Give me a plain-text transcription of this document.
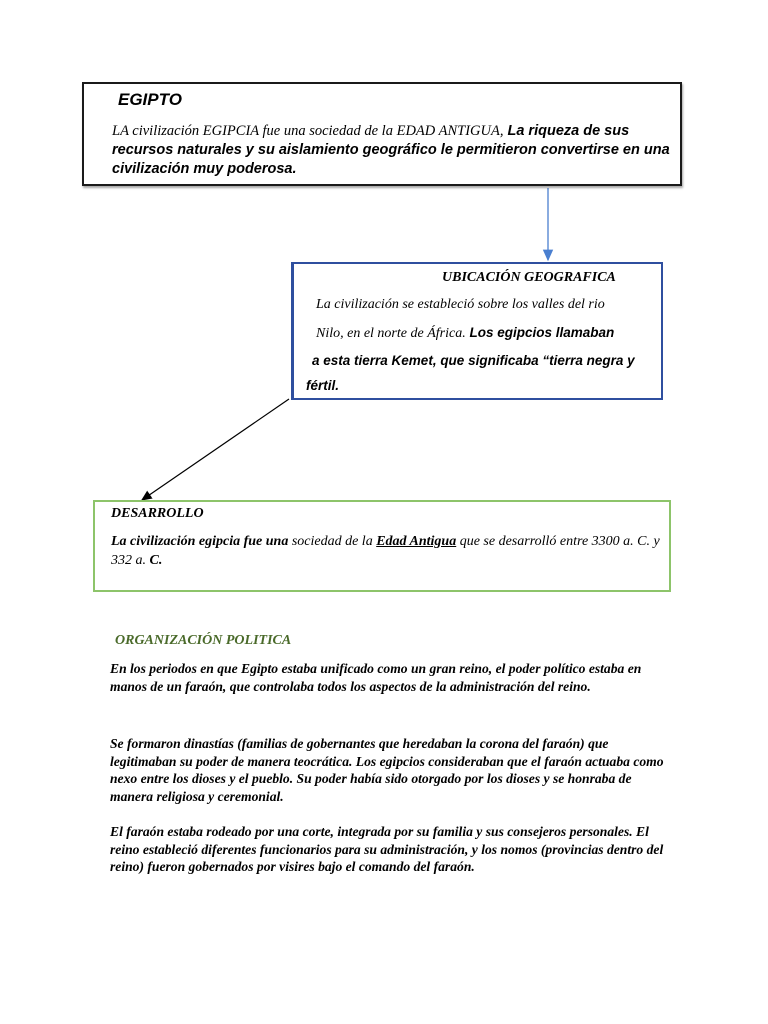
EGIPTO
LA civilización EGIPCIA fue una sociedad de la EDAD ANTIGUA, La riqueza de sus recursos naturales y su aislamiento geográfico le permitieron convertirse en una civilización muy poderosa.
UBICACIÓN GEOGRAFICA
La civilización se estableció sobre los valles del rio
Nilo, en el norte de África. Los egipcios llamaban
a esta tierra Kemet, que significaba “tierra negra y
fértil.
DESARROLLO
La civilización egipcia fue una sociedad de la Edad Antigua que se desarrolló entre 3300 a. C. y 332 a. C.
ORGANIZACIÓN POLITICA
En los periodos en que Egipto estaba unificado como un gran reino, el poder político estaba en manos de un faraón, que controlaba todos los aspectos de la administración del reino.
Se formaron dinastías (familias de gobernantes que heredaban la corona del faraón) que legitimaban su poder de manera teocrática. Los egipcios consideraban que el faraón actuaba como nexo entre los dioses y el pueblo. Su poder había sido otorgado por los dioses y se honraba de manera religiosa y ceremonial.
El faraón estaba rodeado por una corte, integrada por su familia y sus consejeros personales. El reino estableció diferentes funcionarios para su administración, y los nomos (provincias dentro del reino) fueron gobernados por visires bajo el comando del faraón.
